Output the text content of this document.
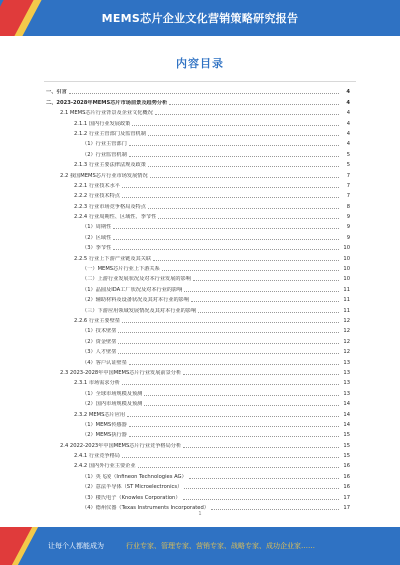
MEMS芯片企业文化营销策略研究报告
内容目录
一、引言	4
二、2023-2028年MEMS芯片市场前景及趋势分析	4
2.1 MEMS芯片行业背景及企业文化概况	4
2.1.1 国内行业发展政策	4
2.1.2 行业主管部门及监管机制	4
（1）行业主管部门	4
（2）行业监管机制	5
2.1.3 行业主要法律法规及政策	5
2.2 我国MEMS芯片行业市场发展情况	7
2.2.1 行业技术水平	7
2.2.2 行业技术特点	7
2.2.3 行业市场竞争格局及特点	8
2.2.4 行业周期性、区域性、季节性	9
（1）周期性	9
（2）区域性	9
（3）季节性	10
2.2.5 行业上下游产业链及其关联	10
（一）MEMS芯片行业上下游关系	10
（二）上游行业发展状况及对本行业发展的影响	10
（1）晶圆及IDA工厂状况及对本行业的影响	11
（2）辅助材料及设备状况及其对本行业的影响	11
（三）下游应用领域发展情况及其对本行业的影响	11
2.2.6 行业主要壁垒	12
（1）技术壁垒	12
（2）资金壁垒	12
（3）人才壁垒	12
（4）客户认证壁垒	13
2.3 2023-2028年中国MEMS芯片行业发展前景分析	13
2.3.1 市场需求分析	13
（1）全球市场规模及预测	13
（2）国内市场规模及预测	14
2.3.2 MEMS芯片应用	14
（1）MEMS传感器	14
（2）MEMS执行器	15
2.4 2022-2023年中国MEMS芯片行业竞争格局分析	15
2.4.1 行业竞争格局	15
2.4.2 国内外行业主要企业	16
（1）英飞凌（Infineon Technologies AG）	16
（2）意法半导体（ST Microelectronics）	16
（3）楼氏电子（Knowles Corporation）	17
（4）德州仪器（Texas Instruments Incorporated）	17
1
让每个人都能成为	行业专家、管理专家、营销专家、战略专家、成功企业家……
